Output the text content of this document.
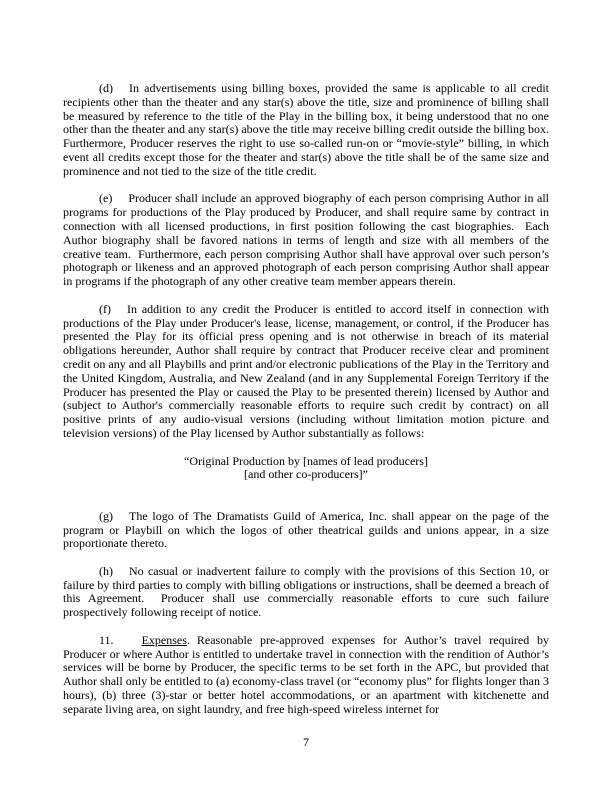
(d) In advertisements using billing boxes, provided the same is applicable to all credit recipients other than the theater and any star(s) above the title, size and prominence of billing shall be measured by reference to the title of the Play in the billing box, it being understood that no one other than the theater and any star(s) above the title may receive billing credit outside the billing box.  Furthermore, Producer reserves the right to use so-called run-on or “movie-style” billing, in which event all credits except those for the theater and star(s) above the title shall be of the same size and prominence and not tied to the size of the title credit.

(e) Producer shall include an approved biography of each person comprising Author in all programs for productions of the Play produced by Producer, and shall require same by contract in connection with all licensed productions, in first position following the cast biographies.  Each Author biography shall be favored nations in terms of length and size with all members of the creative team.  Furthermore, each person comprising Author shall have approval over such person’s photograph or likeness and an approved photograph of each person comprising Author shall appear in programs if the photograph of any other creative team member appears therein.

(f) In addition to any credit the Producer is entitled to accord itself in connection with productions of the Play under Producer's lease, license, management, or control, if the Producer has presented the Play for its official press opening and is not otherwise in breach of its material obligations hereunder, Author shall require by contract that Producer receive clear and prominent credit on any and all Playbills and print and/or electronic publications of the Play in the Territory and the United Kingdom, Australia, and New Zealand (and in any Supplemental Foreign Territory if the Producer has presented the Play or caused the Play to be presented therein) licensed by Author and (subject to Author's commercially reasonable efforts to require such credit by contract) on all positive prints of any audio-visual versions (including without limitation motion picture and television versions) of the Play licensed by Author substantially as follows:

“Original Production by [names of lead producers]
[and other co-producers]”

(g) The logo of The Dramatists Guild of America, Inc. shall appear on the page of the program or Playbill on which the logos of other theatrical guilds and unions appear, in a size proportionate thereto.

(h) No casual or inadvertent failure to comply with the provisions of this Section 10, or failure by third parties to comply with billing obligations or instructions, shall be deemed a breach of this Agreement.  Producer shall use commercially reasonable efforts to cure such failure prospectively following receipt of notice.

11. Expenses. Reasonable pre-approved expenses for Author’s travel required by Producer or where Author is entitled to undertake travel in connection with the rendition of Author’s services will be borne by Producer, the specific terms to be set forth in the APC, but provided that Author shall only be entitled to (a) economy-class travel (or “economy plus” for flights longer than 3 hours), (b) three (3)-star or better hotel accommodations, or an apartment with kitchenette and separate living area, on sight laundry, and free high-speed wireless internet for

7
